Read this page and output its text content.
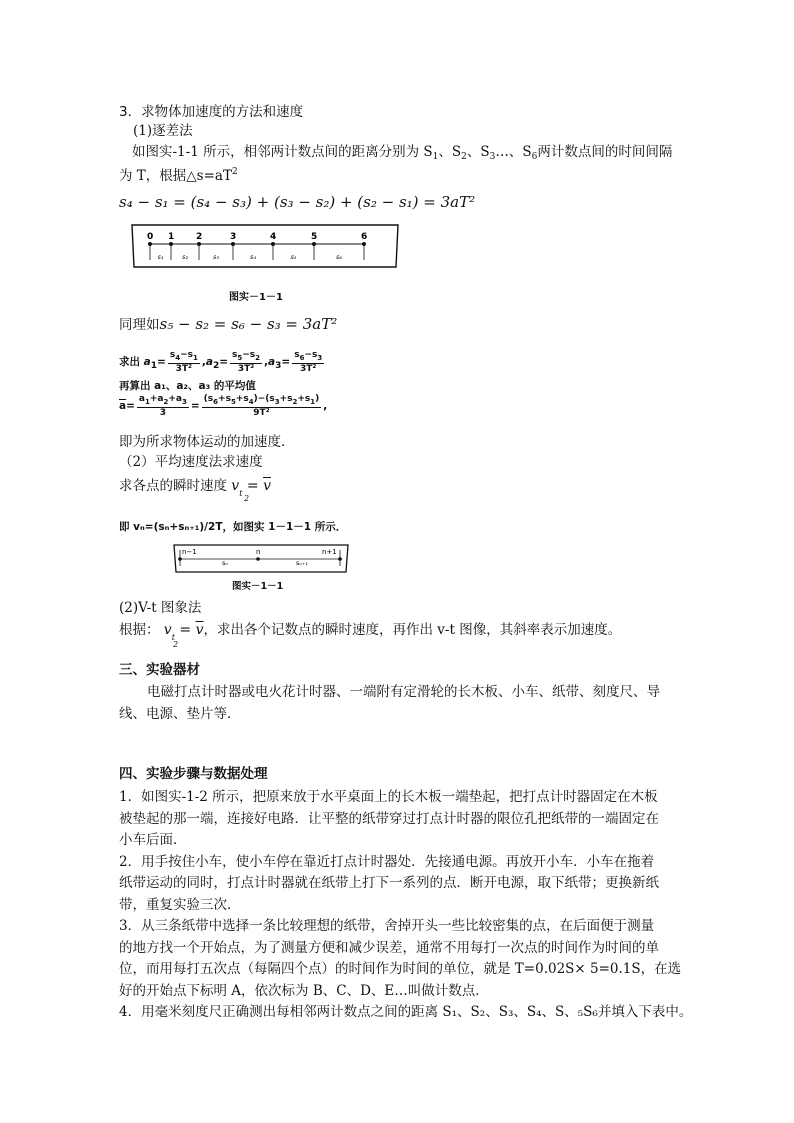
3．求物体加速度的方法和速度
(1)逐差法
如图实-1-1 所示，相邻两计数点间的距离分别为 $S_1$、$S_2$、$S_3\dots$、$S_6$两计数点间的时间间隔
为 T，根据$\triangle s=aT^2$
s₄ − s₁ = (s₄ − s₃) + (s₃ − s₂) + (s₂ − s₁) = 3aT²
0 1 2	3	4	5	6
s₁	s₂	s₃	s₄	s₅	s₆
图实－1－1
同理如s₅ − s₂ = s₆ − s₃ = 3aT²
求出 $a1= \frac{s_4-s_1}{\text{3T²}} ,a2= \frac{s_5-s_2}{\text{3T²}} ,a3= \frac{s_6-s_3}{\text{3T²}}$
再算出 a₁、a₂、a₃ 的平均值
$\overline{a}= \frac{a_1+a_2+a_3}{3} = \frac{(s_6+s_5+s_4)-(s_3+s_2+s_1)}{\text{9T²}}$ ,
即为所求物体运动的加速度．
（2）平均速度法求速度
求各点的瞬时速度 $v_t = \overline{v}$
2
即 vₙ=(sₙ+sₙ₊₁)/2T，如图实 1－1－1 所示．
n−1	n	n+1
sₙ	sₙ₊₁
图实－1－1
(2)V-t 图象法
根据： $v_t = \overline{v}$，求出各个记数点的瞬时速度，再作出 v-t 图像，其斜率表示加速度。
2
三、实验器材
电磁打点计时器或电火花计时器、一端附有定滑轮的长木板、小车、纸带、刻度尺、导
线、电源、垫片等．
四、实验步骤与数据处理
1．如图实-1-2 所示，把原来放于水平桌面上的长木板一端垫起，把打点计时器固定在木板
被垫起的那一端，连接好电路．让平整的纸带穿过打点计时器的限位孔把纸带的一端固定在
小车后面．
2．用手按住小车，使小车停在靠近打点计时器处．先接通电源。再放开小车．小车在拖着
纸带运动的同时，打点计时器就在纸带上打下一系列的点．断开电源，取下纸带；更换新纸
带，重复实验三次．
3．从三条纸带中选择一条比较理想的纸带，舍掉开头一些比较密集的点，在后面便于测量
的地方找一个开始点，为了测量方便和减少误差，通常不用每打一次点的时间作为时间的单
位，而用每打五次点（每隔四个点）的时间作为时间的单位，就是 T=0.02S× 5=0.1S，在选
好的开始点下标明 A，依次标为 B、C、D、E…叫做计数点．
4．用毫米刻度尺正确测出每相邻两计数点之间的距离 S₁、S₂、S₃、S₄、S、₅S₆并填入下表中。
